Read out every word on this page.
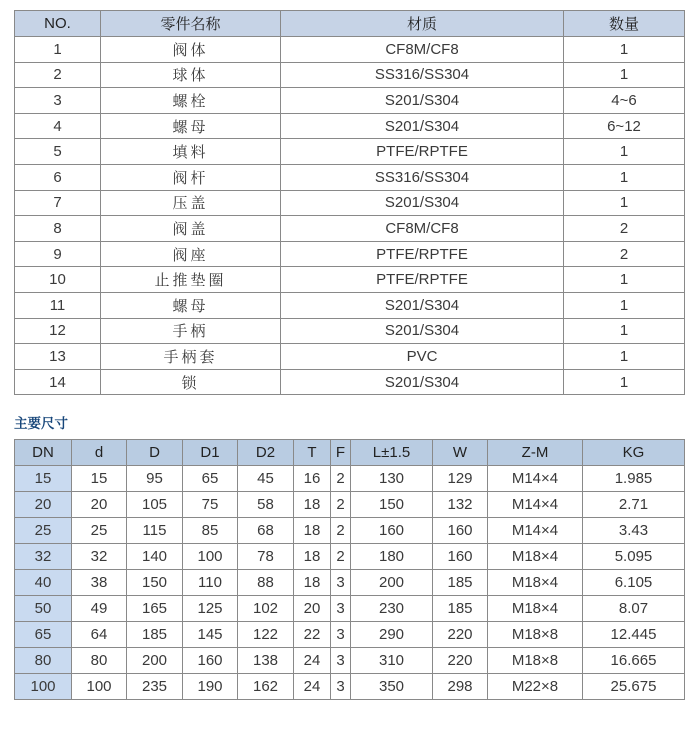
NO.	零件名称	材质	数量
1	阀体	CF8M/CF8	1
2	球体	SS316/SS304	1
3	螺栓	S201/S304	4~6
4	螺母	S201/S304	6~12
5	填料	PTFE/RPTFE	1
6	阀杆	SS316/SS304	1
7	压盖	S201/S304	1
8	阀盖	CF8M/CF8	2
9	阀座	PTFE/RPTFE	2
10	止推垫圈	PTFE/RPTFE	1
11	螺母	S201/S304	1
12	手柄	S201/S304	1
13	手柄套	PVC	1
14	锁	S201/S304	1
主要尺寸
DN	d	D	D1	D2	T	F	L±1.5	W	Z-M	KG
15	15	95	65	45	16	2	130	129	M14×4	1.985
20	20	105	75	58	18	2	150	132	M14×4	2.71
25	25	115	85	68	18	2	160	160	M14×4	3.43
32	32	140	100	78	18	2	180	160	M18×4	5.095
40	38	150	110	88	18	3	200	185	M18×4	6.105
50	49	165	125	102	20	3	230	185	M18×4	8.07
65	64	185	145	122	22	3	290	220	M18×8	12.445
80	80	200	160	138	24	3	310	220	M18×8	16.665
100	100	235	190	162	24	3	350	298	M22×8	25.675
